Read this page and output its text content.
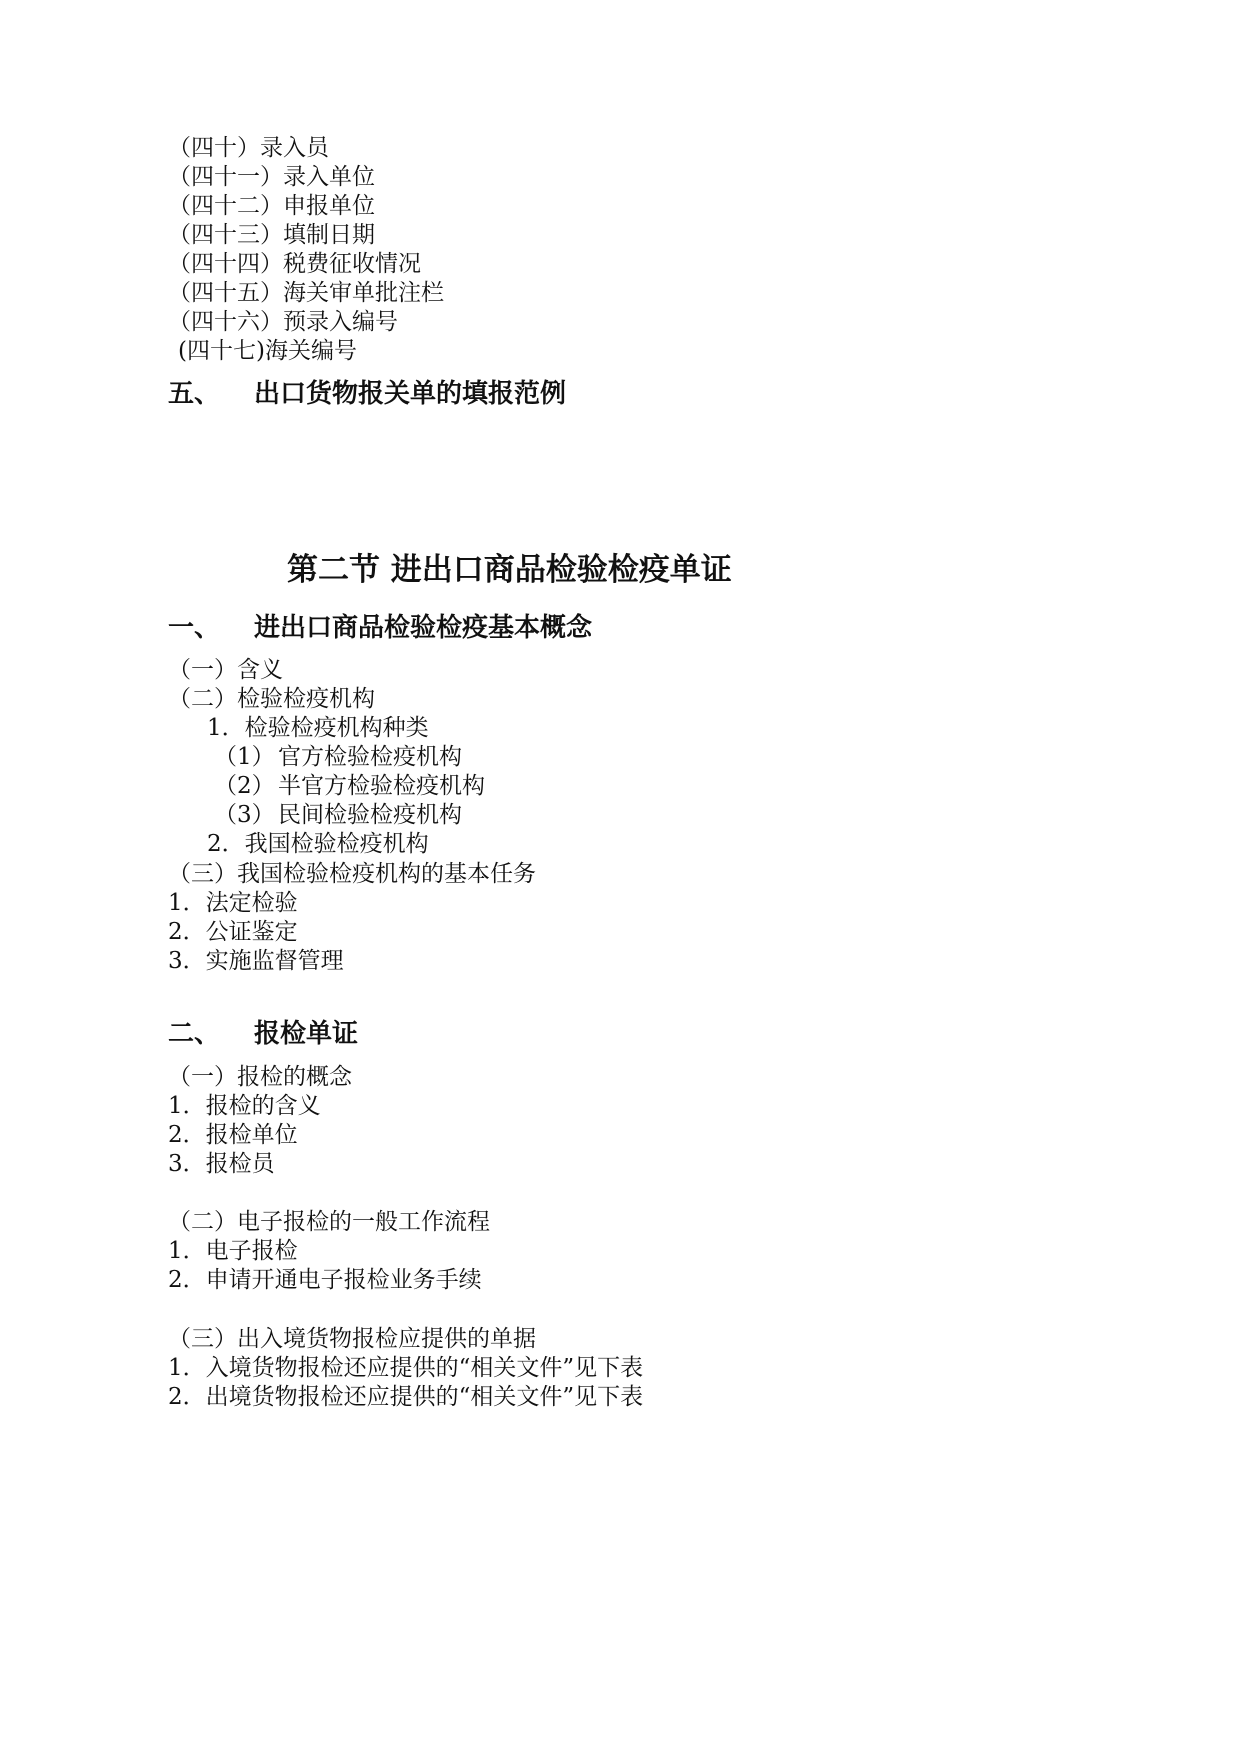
（四十）录入员
（四十一）录入单位
（四十二）申报单位
（四十三）填制日期
（四十四）税费征收情况
（四十五）海关审单批注栏
（四十六）预录入编号
(四十七)海关编号
五、 出口货物报关单的填报范例
第二节 进出口商品检验检疫单证
一、 进出口商品检验检疫基本概念
（一）含义
（二）检验检疫机构
1．检验检疫机构种类
（1） 官方检验检疫机构
（2） 半官方检验检疫机构
（3） 民间检验检疫机构
2．我国检验检疫机构
（三）我国检验检疫机构的基本任务
1．法定检验
2．公证鉴定
3．实施监督管理
二、 报检单证
（一）报检的概念
1．报检的含义
2．报检单位
3．报检员
（二）电子报检的一般工作流程
1．电子报检
2．申请开通电子报检业务手续
（三）出入境货物报检应提供的单据
1．入境货物报检还应提供的“相关文件”见下表
2．出境货物报检还应提供的“相关文件”见下表
